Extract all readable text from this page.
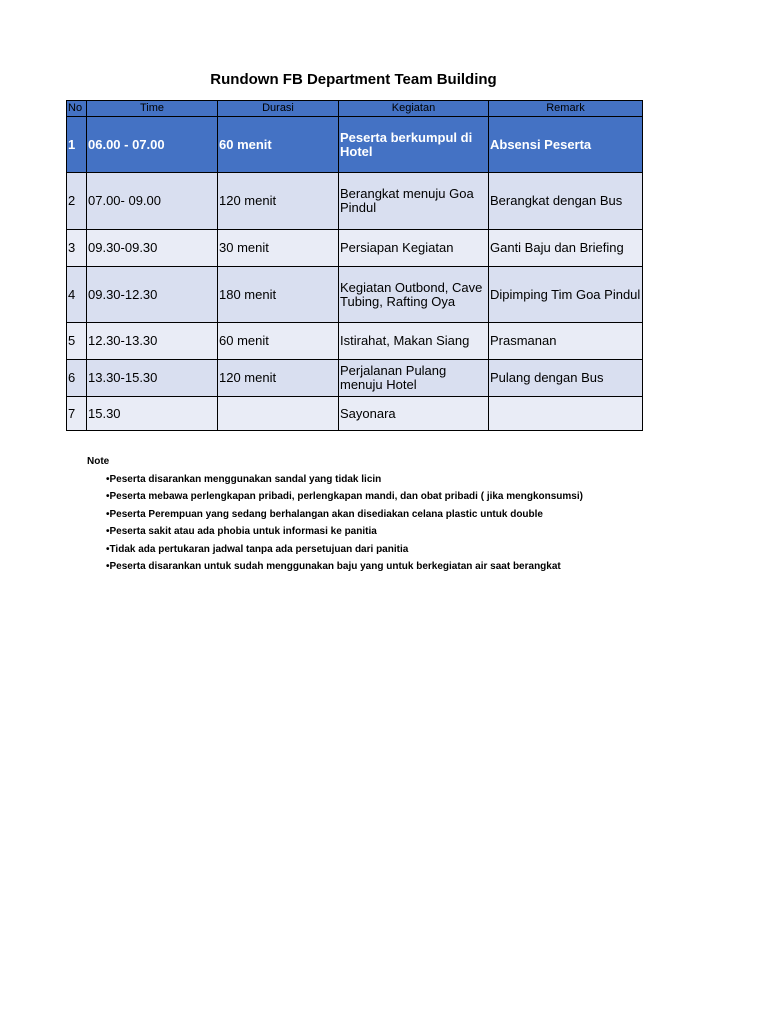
Rundown FB Department Team Building
No	Time	Durasi	Kegiatan	Remark
1	06.00 - 07.00	60 menit	Peserta berkumpul di Hotel	Absensi Peserta
2	07.00- 09.00	120 menit	Berangkat menuju Goa Pindul	Berangkat dengan Bus
3	09.30-09.30	30 menit	Persiapan Kegiatan	Ganti Baju dan Briefing
4	09.30-12.30	180 menit	Kegiatan Outbond, Cave Tubing, Rafting Oya	Dipimping Tim Goa Pindul
5	12.30-13.30	60 menit	Istirahat, Makan Siang	Prasmanan
6	13.30-15.30	120 menit	Perjalanan Pulang menuju Hotel	Pulang dengan Bus
7	15.30		Sayonara	
Note
•Peserta disarankan menggunakan sandal yang tidak licin
•Peserta mebawa perlengkapan pribadi, perlengkapan mandi, dan obat pribadi ( jika mengkonsumsi)
•Peserta Perempuan yang sedang berhalangan akan disediakan celana plastic untuk double
•Peserta sakit atau ada phobia untuk informasi ke panitia
•Tidak ada pertukaran jadwal tanpa ada persetujuan dari panitia
•Peserta disarankan untuk sudah menggunakan baju yang untuk berkegiatan air saat berangkat
